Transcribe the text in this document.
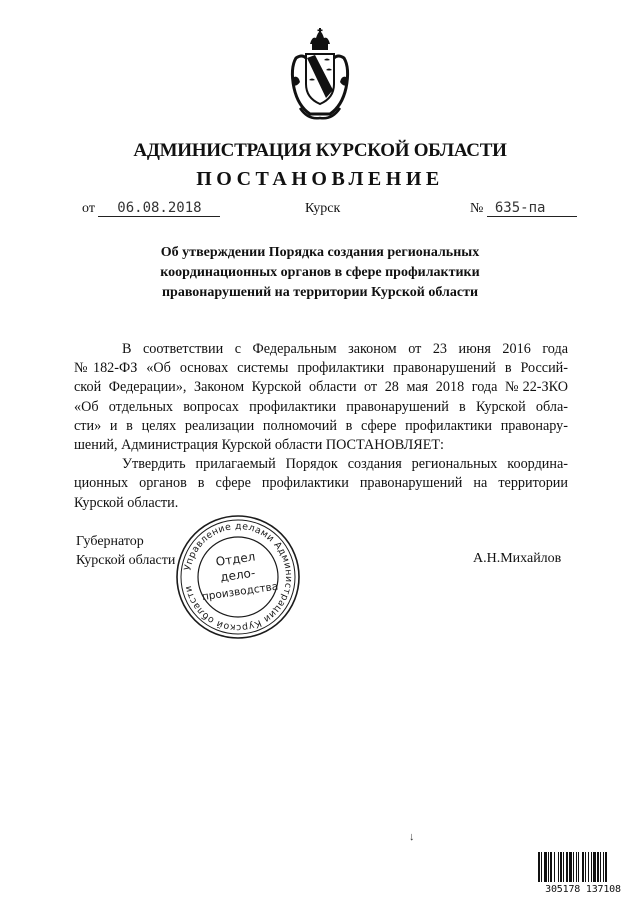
АДМИНИСТРАЦИЯ КУРСКОЙ ОБЛАСТИ
ПОСТАНОВЛЕНИЕ
от 06.08.2018	Курск	№ 635-па
Об утверждении Порядка создания региональных
координационных органов в сфере профилактики
правонарушений на территории Курской области
В соответствии с Федеральным законом от 23 июня 2016 года
№182-ФЗ «Об основах системы профилактики правонарушений в Россий-
ской Федерации», Законом Курской области от 28 мая 2018 года №22-ЗКО
«Об отдельных вопросах профилактики правонарушений в Курской обла-
сти» и в целях реализации полномочий в сфере профилактики правонару-
шений, Администрация Курской области ПОСТАНОВЛЯЕТ:
Утвердить прилагаемый Порядок создания региональных координа-
ционных органов в сфере профилактики правонарушений на территории
Курской области.
Губернатор
Курской области	А.Н.Михайлов
Управление делами Администрации Курской области
Отдел
дело-
производства
↓
305178 137108
